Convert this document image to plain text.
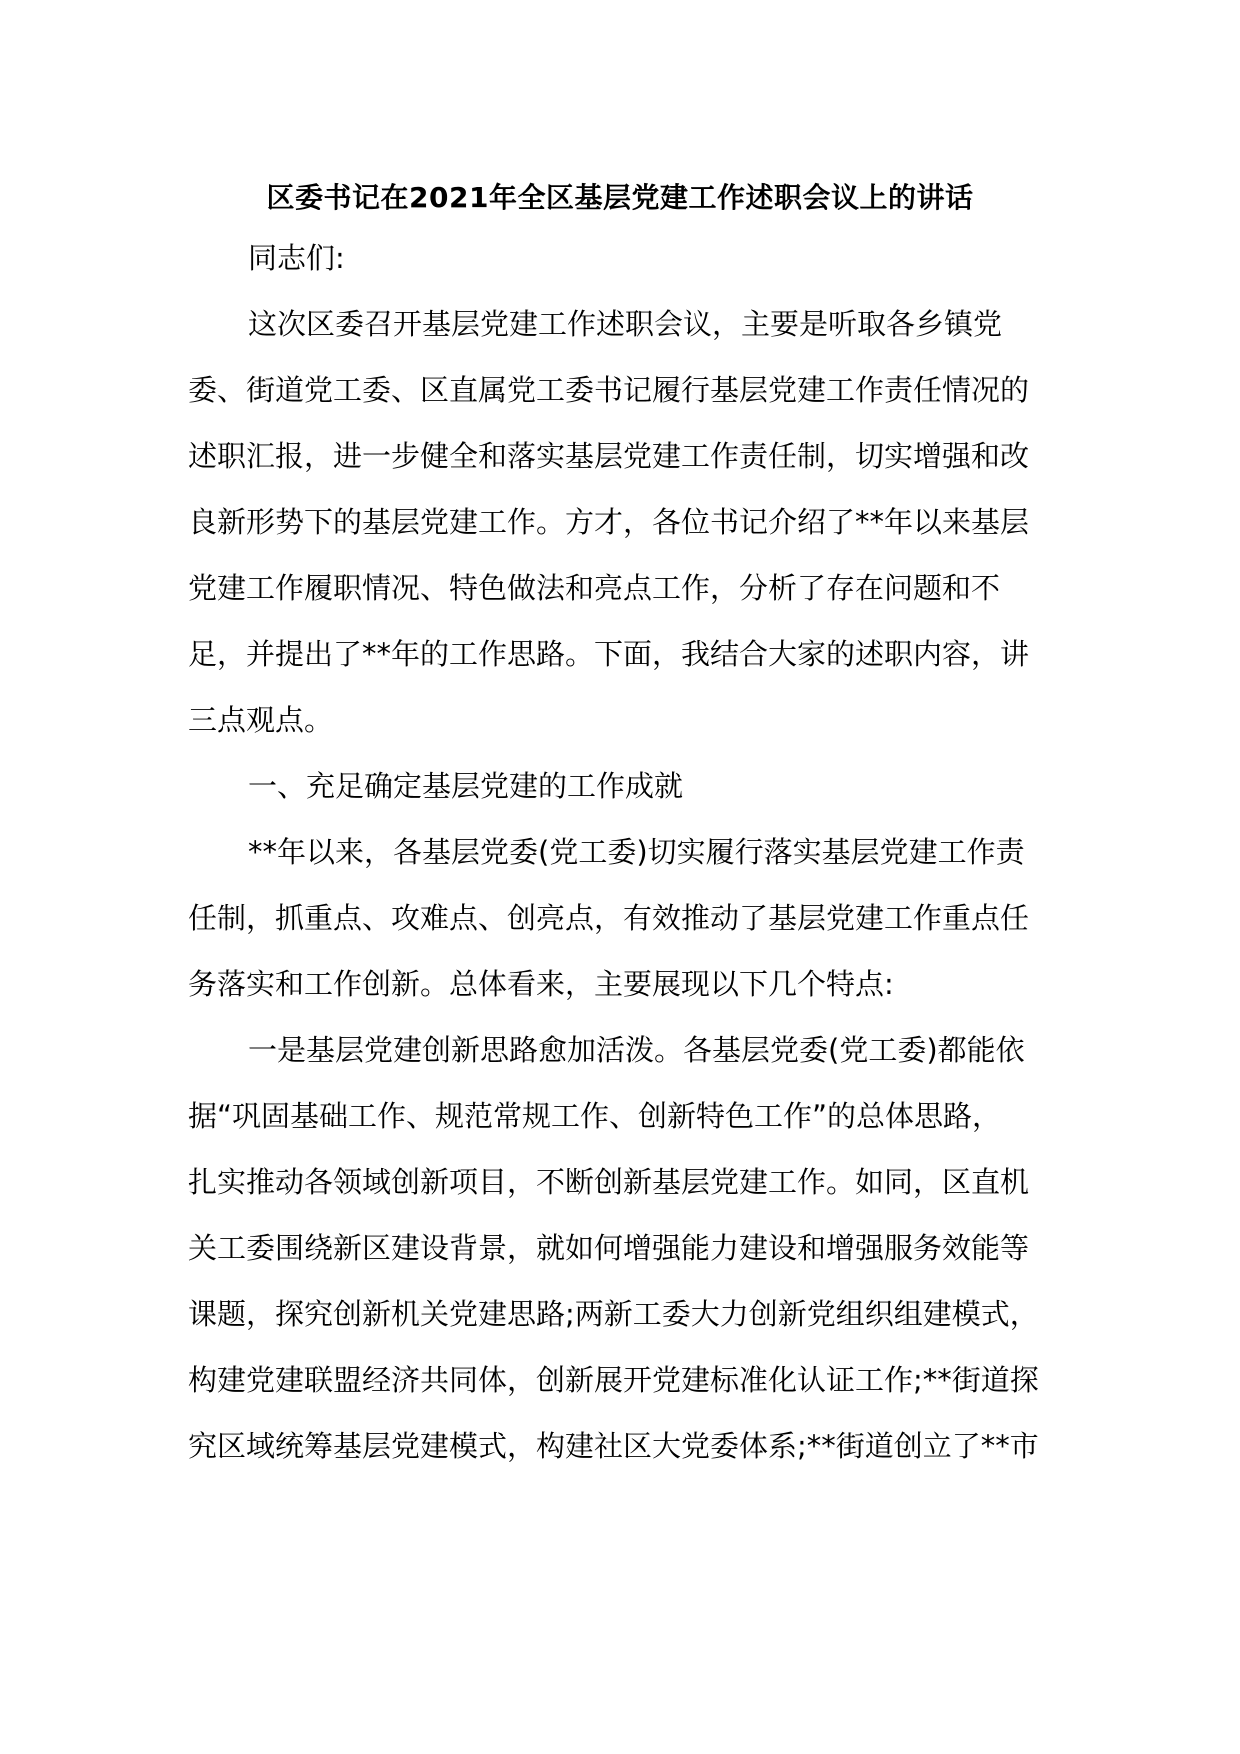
区委书记在2021年全区基层党建工作述职会议上的讲话
同志们:
这次区委召开基层党建工作述职会议，主要是听取各乡镇党
委、街道党工委、区直属党工委书记履行基层党建工作责任情况的
述职汇报，进一步健全和落实基层党建工作责任制，切实增强和改
良新形势下的基层党建工作。方才，各位书记介绍了**年以来基层
党建工作履职情况、特色做法和亮点工作，分析了存在问题和不
足，并提出了**年的工作思路。下面，我结合大家的述职内容，讲
三点观点。
一、充足确定基层党建的工作成就
**年以来，各基层党委(党工委)切实履行落实基层党建工作责
任制，抓重点、攻难点、创亮点，有效推动了基层党建工作重点任
务落实和工作创新。总体看来，主要展现以下几个特点:
一是基层党建创新思路愈加活泼。各基层党委(党工委)都能依
据“巩固基础工作、规范常规工作、创新特色工作”的总体思路，
扎实推动各领域创新项目，不断创新基层党建工作。如同，区直机
关工委围绕新区建设背景，就如何增强能力建设和增强服务效能等
课题，探究创新机关党建思路;两新工委大力创新党组织组建模式，
构建党建联盟经济共同体，创新展开党建标准化认证工作;**街道探
究区域统筹基层党建模式，构建社区大党委体系;**街道创立了**市
